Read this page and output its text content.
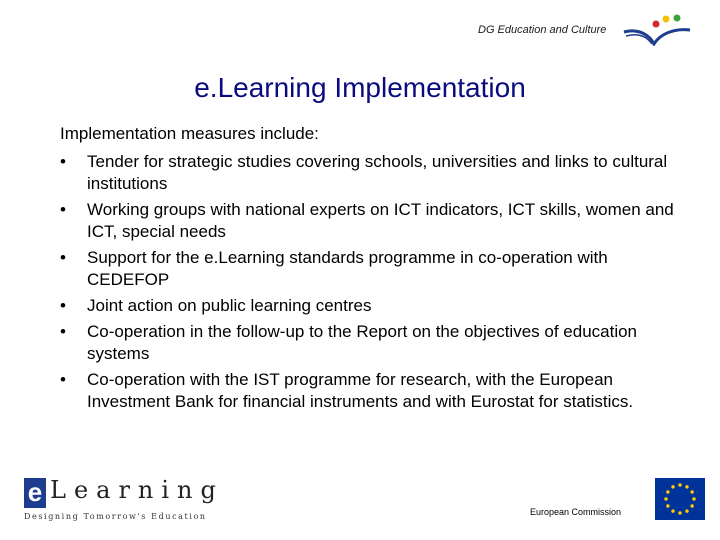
DG Education and Culture
e.Learning Implementation
Implementation measures include:
• Tender for strategic studies covering schools, universities and links to cultural institutions
• Working groups with national experts on ICT indicators, ICT skills, women and ICT, special needs
• Support for the e.Learning standards programme in co-operation with CEDEFOP
• Joint action on public learning centres
• Co-operation in the follow-up to the Report on the objectives of education systems
• Co-operation with the IST programme for research, with the European Investment Bank for financial instruments and with Eurostat for statistics.
e Learning
Designing Tomorrow's Education	European Commission
